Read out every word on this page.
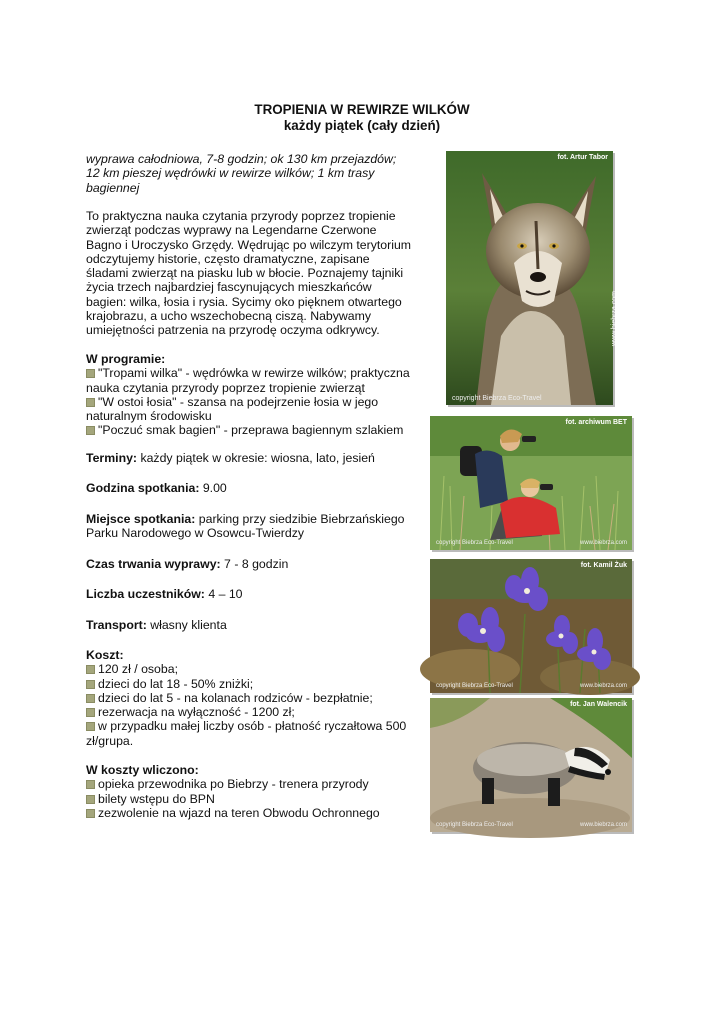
TROPIENIA W REWIRZE WILKÓW
każdy piątek (cały dzień)

wyprawa całodniowa, 7-8 godzin; ok 130 km przejazdów;

12 km pieszej wędrówki w rewirze wilków; 1 km trasy

bagiennej

To praktyczna nauka czytania przyrody poprzez tropienie

zwierząt podczas wyprawy na Legendarne Czerwone

Bagno i Uroczysko Grzędy. Wędrując po wilczym terytorium

odczytujemy historie, często dramatyczne, zapisane

śladami zwierząt na piasku lub w błocie. Poznajemy tajniki

życia trzech najbardziej fascynujących mieszkańców

bagien: wilka, łosia i rysia. Sycimy oko pięknem otwartego

krajobrazu, a ucho wszechobecną ciszą. Nabywamy

umiejętności patrzenia na przyrodę oczyma odkrywcy.

W programie:

"Tropami wilka" - wędrówka w rewirze wilków; praktyczna

nauka czytania przyrody poprzez tropienie zwierząt

"W ostoi łosia" - szansa na podejrzenie łosia w jego

naturalnym środowisku

"Poczuć smak bagien" - przeprawa bagiennym szlakiem

Terminy: każdy piątek w okresie: wiosna, lato, jesień

Godzina spotkania: 9.00

Miejsce spotkania: parking przy siedzibie Biebrzańskiego

Parku Narodowego w Osowcu-Twierdzy

Czas trwania wyprawy: 7 - 8 godzin

Liczba uczestników: 4 – 10

Transport: własny klienta

Koszt:

120 zł / osoba;

dzieci do lat 18 - 50% zniżki;

dzieci do lat 5 - na kolanach rodziców - bezpłatnie;

rezerwacja na wyłączność - 1200 zł;

w przypadku małej liczby osób - płatność ryczałtowa 500

zł/grupa.

W koszty wliczono:

opieka przewodnika po Biebrzy - trenera przyrody

bilety wstępu do BPN

zezwolenie na wjazd na teren Obwodu Ochronnego

fot. Artur Tabor
copyright Biebrza Eco-Travel
www.biebrza.com
fot. archiwum BET
copyright Biebrza Eco-Travel	www.biebrza.com
fot. Kamil Żuk
copyright Biebrza Eco-Travel	www.biebrza.com
fot. Jan Walencik
copyright Biebrza Eco-Travel	www.biebrza.com
